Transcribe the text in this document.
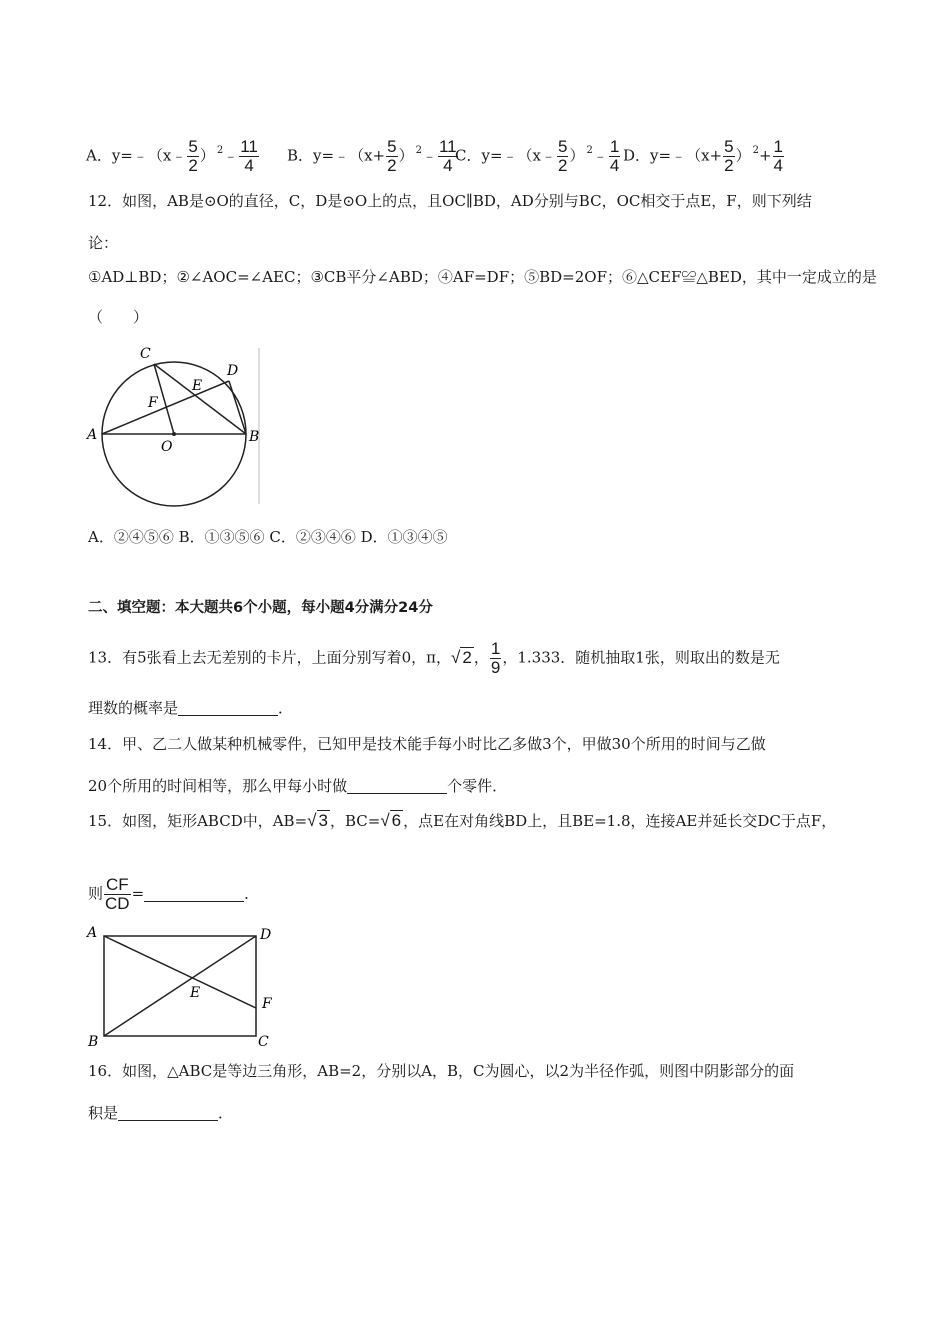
A．y=﹣（x﹣ $\frac{5}{2}$ ） $^2$﹣ $\frac{11}{4}$ B．y=﹣（x+ $\frac{5}{2}$ ） $^2$﹣ $\frac{11}{4}$
C．y=﹣（x﹣ $\frac{5}{2}$ ） $^2$﹣ $\frac{1}{4}$ D．y=﹣（x+ $\frac{5}{2}$ ） $^2+ \frac{1}{4}$
12．如图，AB是⊙O的直径，C，D是⊙O上的点，且OC∥BD，AD分别与BC，OC相交于点E，F，则下列结
论：
①AD⊥BD；②∠AOC=∠AEC；③CB平分∠ABD；④AF=DF；⑤BD=2OF；⑥△CEF≌△BED，其中一定成立的是
（　　）
C
D
E
F
A
O
B
A．②④⑤⑥ B．①③⑤⑥ C．②③④⑥ D．①③④⑤
二、填空题：本大题共6个小题，每小题4分满分24分
13．有5张看上去无差别的卡片，上面分别写着0，π，√ 2 ， $\frac{1}{9}$ ，1.333．随机抽取1张，则取出的数是无
理数的概率是	．
14．甲、乙二人做某种机械零件，已知甲是技术能手每小时比乙多做3个，甲做30个所用的时间与乙做
20个所用的时间相等，那么甲每小时做	个零件．
15．如图，矩形ABCD中，AB=√ 3 ，BC=√ 6 ，点E在对角线BD上，且BE=1.8，连接AE并延长交DC于点F，
则 $\frac{CF}{CD}$ =	．
A	D
E
F
B	C
16．如图，△ABC是等边三角形，AB=2，分别以A，B，C为圆心，以2为半径作弧，则图中阴影部分的面
积是	．
